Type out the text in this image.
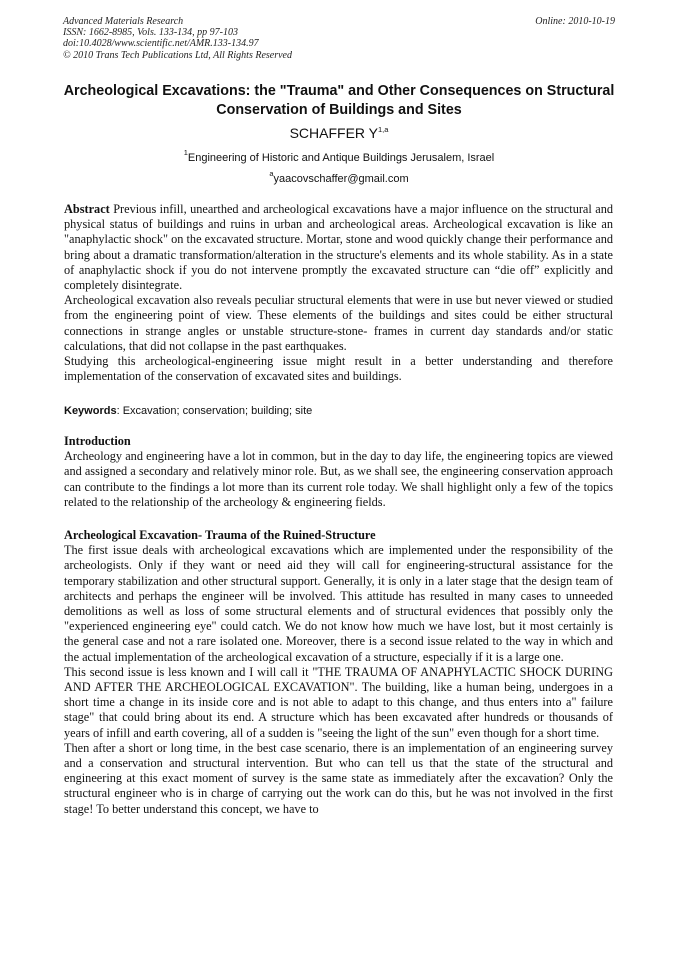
Advanced Materials Research
ISSN: 1662-8985, Vols. 133-134, pp 97-103
doi:10.4028/www.scientific.net/AMR.133-134.97
© 2010 Trans Tech Publications Ltd, All Rights Reserved
Online: 2010-10-19
Archeological Excavations: the "Trauma" and Other Consequences on Structural Conservation of Buildings and Sites
SCHAFFER Y$^{1,a}$
$^1$Engineering of Historic and Antique Buildings Jerusalem, Israel
$^a$yaacovschaffer@gmail.com

Abstract Previous infill, unearthed and archeological excavations have a major influence on the structural and physical status of buildings and ruins in urban and archeological areas. Archeological excavation is like an "anaphylactic shock" on the excavated structure. Mortar, stone and wood quickly change their performance and bring about a dramatic transformation/alteration in the structure's elements and its whole stability. As in a state of anaphylactic shock if you do not intervene promptly the excavated structure can “die off” explicitly and completely disintegrate.

Archeological excavation also reveals peculiar structural elements that were in use but never viewed or studied from the engineering point of view. These elements of the buildings and sites could be either structural connections in strange angles or unstable structure-stone- frames in current day standards and/or static calculations, that did not collapse in the past earthquakes.

Studying this archeological-engineering issue might result in a better understanding and therefore implementation of the conservation of excavated sites and buildings.

Keywords: Excavation; conservation; building; site
Introduction

Archeology and engineering have a lot in common, but in the day to day life, the engineering topics are viewed and assigned a secondary and relatively minor role. But, as we shall see, the engineering conservation approach can contribute to the findings a lot more than its current role today. We shall highlight only a few of the topics related to the relationship of the archeology & engineering fields.

Archeological Excavation- Trauma of the Ruined-Structure

The first issue deals with archeological excavations which are implemented under the responsibility of the archeologists. Only if they want or need aid they will call for engineering-structural assistance for the temporary stabilization and other structural support. Generally, it is only in a later stage that the design team of architects and perhaps the engineer will be involved. This attitude has resulted in many cases to unneeded demolitions as well as loss of some structural elements and of structural evidences that possibly only the "experienced engineering eye" could catch. We do not know how much we have lost, but it most certainly is the general case and not a rare isolated one. Moreover, there is a second issue related to the way in which and the actual implementation of the archeological excavation of a structure, especially if it is a large one.

This second issue is less known and I will call it "THE TRAUMA OF ANAPHYLACTIC SHOCK DURING AND AFTER THE ARCHEOLOGICAL EXCAVATION". The building, like a human being, undergoes in a short time a change in its inside core and is not able to adapt to this change, and thus enters into a" failure stage" that could bring about its end. A structure which has been excavated after hundreds or thousands of years of infill and earth covering, all of a sudden is "seeing the light of the sun" even though for a short time.

Then after a short or long time, in the best case scenario, there is an implementation of an engineering survey and a conservation and structural intervention. But who can tell us that the state of the structural and engineering at this exact moment of survey is the same state as immediately after the excavation? Only the structural engineer who is in charge of carrying out the work can do this, but he was not involved in the first stage! To better understand this concept, we have to
